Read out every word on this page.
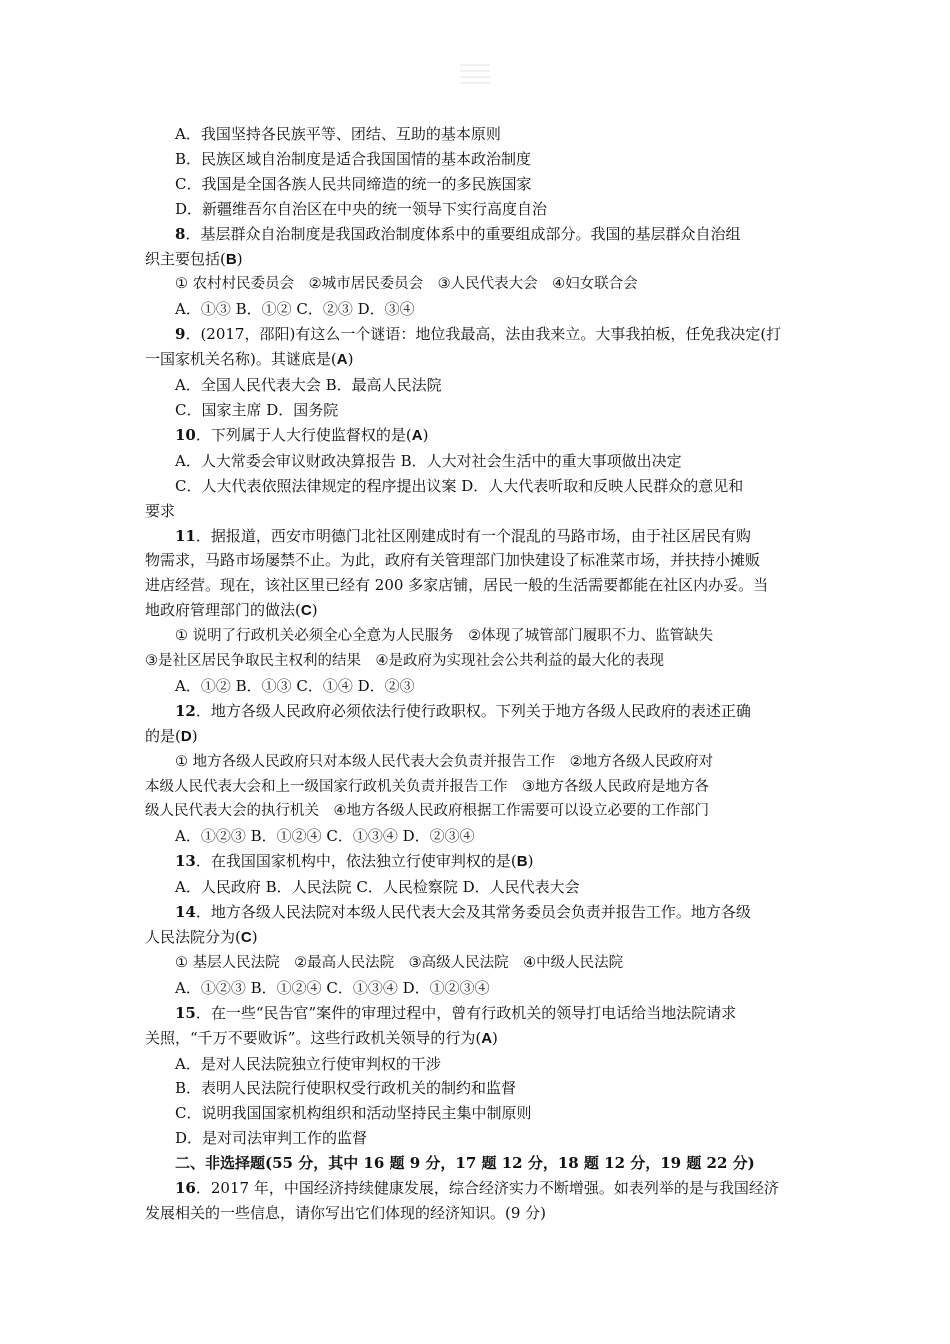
A．我国坚持各民族平等、团结、互助的基本原则
B．民族区域自治制度是适合我国国情的基本政治制度
C．我国是全国各族人民共同缔造的统一的多民族国家
D．新疆维吾尔自治区在中央的统一领导下实行高度自治
8．基层群众自治制度是我国政治制度体系中的重要组成部分。我国的基层群众自治组
织主要包括(B)
① 农村村民委员会　②城市居民委员会　③人民代表大会　④妇女联合会
A．①③ B．①② C．②③ D．③④
9．(2017，邵阳)有这么一个谜语：地位我最高，法由我来立。大事我拍板，任免我决定(打
一国家机关名称)。其谜底是(A)
A．全国人民代表大会 B．最高人民法院
C．国家主席 D．国务院
10．下列属于人大行使监督权的是(A)
A．人大常委会审议财政决算报告 B．人大对社会生活中的重大事项做出决定
C．人大代表依照法律规定的程序提出议案 D．人大代表听取和反映人民群众的意见和
要求
11．据报道，西安市明德门北社区刚建成时有一个混乱的马路市场，由于社区居民有购
物需求，马路市场屡禁不止。为此，政府有关管理部门加快建设了标准菜市场，并扶持小摊贩
进店经营。现在，该社区里已经有 200 多家店铺，居民一般的生活需要都能在社区内办妥。当
地政府管理部门的做法(C)
① 说明了行政机关必须全心全意为人民服务　②体现了城管部门履职不力、监管缺失
③是社区居民争取民主权利的结果　④是政府为实现社会公共利益的最大化的表现
A．①② B．①③ C．①④ D．②③
12．地方各级人民政府必须依法行使行政职权。下列关于地方各级人民政府的表述正确
的是(D)
① 地方各级人民政府只对本级人民代表大会负责并报告工作　②地方各级人民政府对
本级人民代表大会和上一级国家行政机关负责并报告工作　③地方各级人民政府是地方各
级人民代表大会的执行机关　④地方各级人民政府根据工作需要可以设立必要的工作部门
A．①②③ B．①②④ C．①③④ D．②③④
13．在我国国家机构中，依法独立行使审判权的是(B)
A．人民政府 B．人民法院 C．人民检察院 D．人民代表大会
14．地方各级人民法院对本级人民代表大会及其常务委员会负责并报告工作。地方各级
人民法院分为(C)
① 基层人民法院　②最高人民法院　③高级人民法院　④中级人民法院
A．①②③ B．①②④ C．①③④ D．①②③④
15．在一些“民告官”案件的审理过程中，曾有行政机关的领导打电话给当地法院请求
关照，“千万不要败诉”。这些行政机关领导的行为(A)
A．是对人民法院独立行使审判权的干涉
B．表明人民法院行使职权受行政机关的制约和监督
C．说明我国国家机构组织和活动坚持民主集中制原则
D．是对司法审判工作的监督
二、非选择题(55 分，其中 16 题 9 分，17 题 12 分，18 题 12 分，19 题 22 分)
16．2017 年，中国经济持续健康发展，综合经济实力不断增强。如表列举的是与我国经济
发展相关的一些信息，请你写出它们体现的经济知识。(9 分)
